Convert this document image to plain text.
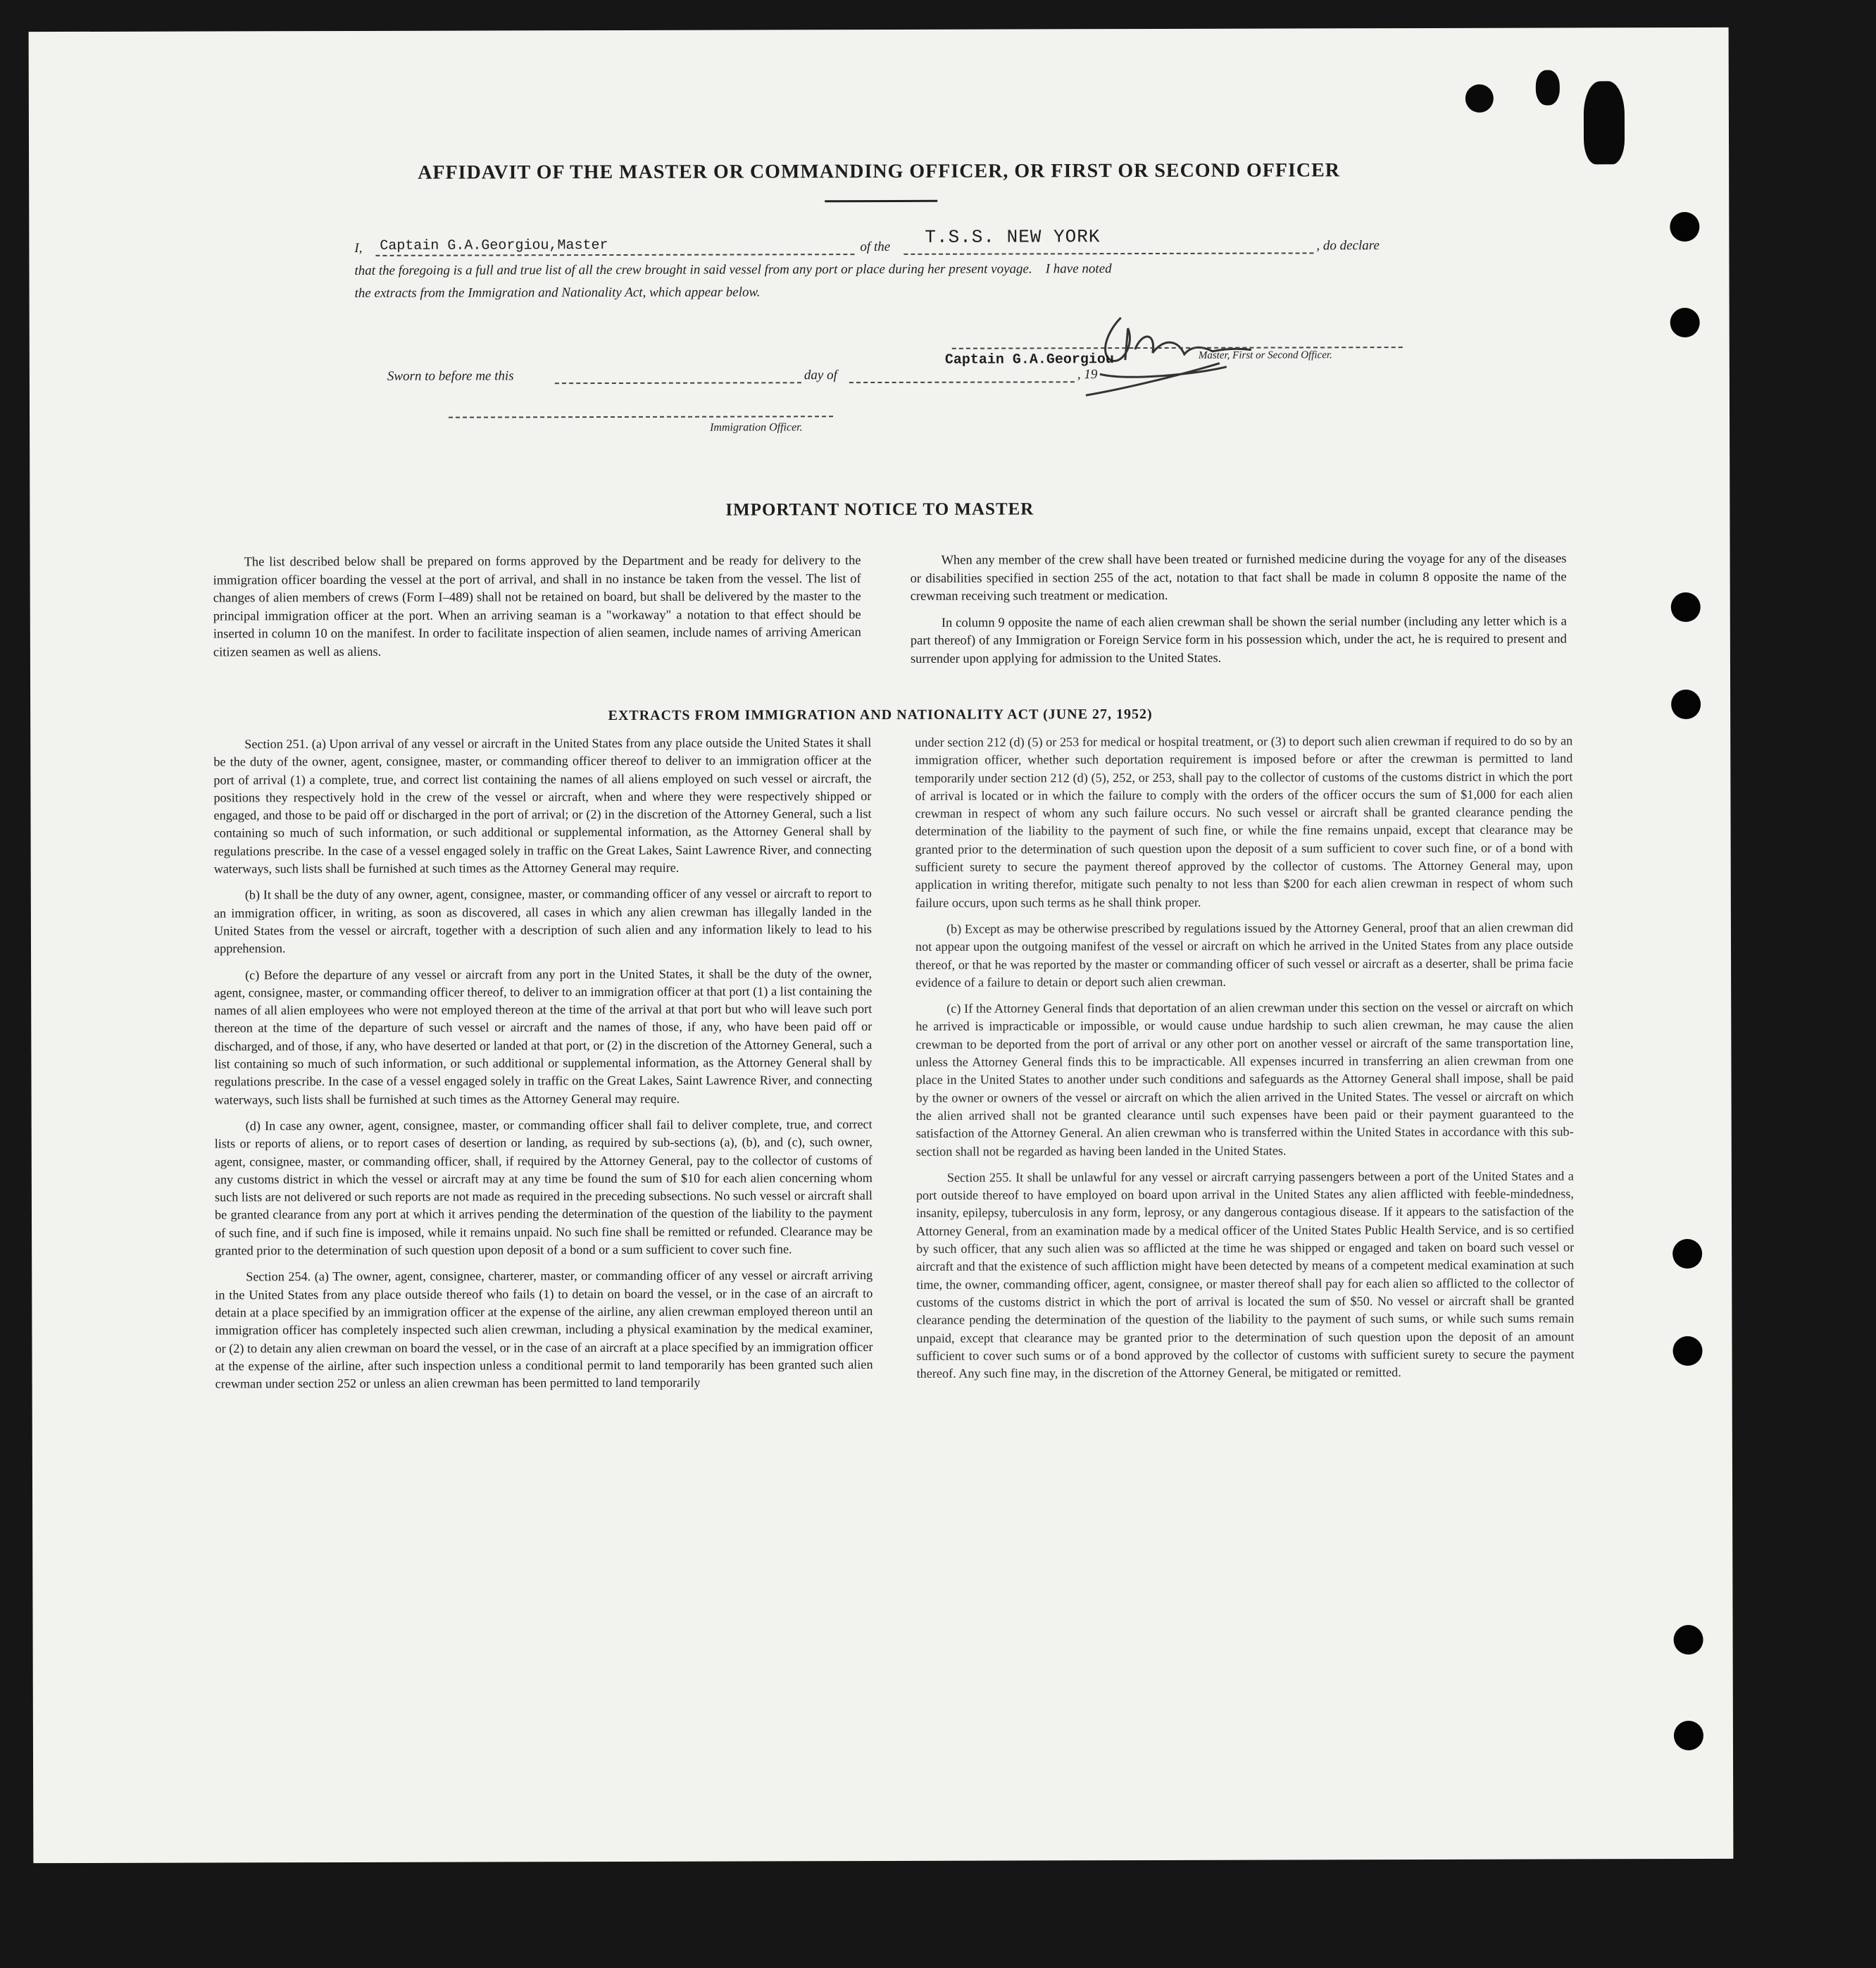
AFFIDAVIT OF THE MASTER OR COMMANDING OFFICER, OR FIRST OR SECOND OFFICER
I, Captain G.A.Georgiou,Master	of the T.S.S. NEW YORK	, do declare
that the foregoing is a full and true list of all the crew brought in said vessel from any port or place during her present voyage.    I have noted
the extracts from the Immigration and Nationality Act, which appear below.
Sworn to before me this	day of	, 19
Captain G.A.Georgiou	Master, First or Second Officer.
Immigration Officer.
IMPORTANT NOTICE TO MASTER

The list described below shall be prepared on forms approved by the Department and be ready for delivery to the immigration officer boarding the vessel at the port of arrival, and shall in no instance be taken from the vessel. The list of changes of alien members of crews (Form I–489) shall not be retained on board, but shall be delivered by the master to the principal immigration officer at the port. When an arriving seaman is a "workaway" a notation to that effect should be inserted in column 10 on the manifest. In order to facilitate inspection of alien seamen, include names of arriving American citizen seamen as well as aliens.

When any member of the crew shall have been treated or furnished medicine during the voyage for any of the diseases or disabilities specified in section 255 of the act, notation to that fact shall be made in column 8 opposite the name of the crewman receiving such treatment or medication.

In column 9 opposite the name of each alien crewman shall be shown the serial number (including any letter which is a part thereof) of any Immigration or Foreign Service form in his possession which, under the act, he is required to present and surrender upon applying for admission to the United States.

EXTRACTS FROM IMMIGRATION AND NATIONALITY ACT (JUNE 27, 1952)

Section 251. (a) Upon arrival of any vessel or aircraft in the United States from any place outside the United States it shall be the duty of the owner, agent, consignee, master, or commanding officer thereof to deliver to an immigration officer at the port of arrival (1) a complete, true, and correct list containing the names of all aliens employed on such vessel or aircraft, the positions they respectively hold in the crew of the vessel or aircraft, when and where they were respectively shipped or engaged, and those to be paid off or discharged in the port of arrival; or (2) in the discretion of the Attorney General, such a list containing so much of such information, or such additional or supplemental information, as the Attorney General shall by regulations prescribe. In the case of a vessel engaged solely in traffic on the Great Lakes, Saint Lawrence River, and connecting waterways, such lists shall be furnished at such times as the Attorney General may require.

(b) It shall be the duty of any owner, agent, consignee, master, or commanding officer of any vessel or aircraft to report to an immigration officer, in writing, as soon as discovered, all cases in which any alien crewman has illegally landed in the United States from the vessel or aircraft, together with a description of such alien and any information likely to lead to his apprehension.

(c) Before the departure of any vessel or aircraft from any port in the United States, it shall be the duty of the owner, agent, consignee, master, or commanding officer thereof, to deliver to an immigration officer at that port (1) a list containing the names of all alien employees who were not employed thereon at the time of the arrival at that port but who will leave such port thereon at the time of the departure of such vessel or aircraft and the names of those, if any, who have been paid off or discharged, and of those, if any, who have deserted or landed at that port, or (2) in the discretion of the Attorney General, such a list containing so much of such information, or such additional or supplemental information, as the Attorney General shall by regulations prescribe. In the case of a vessel engaged solely in traffic on the Great Lakes, Saint Lawrence River, and connecting waterways, such lists shall be furnished at such times as the Attorney General may require.

(d) In case any owner, agent, consignee, master, or commanding officer shall fail to deliver complete, true, and correct lists or reports of aliens, or to report cases of desertion or landing, as required by sub-sections (a), (b), and (c), such owner, agent, consignee, master, or commanding officer, shall, if required by the Attorney General, pay to the collector of customs of any customs district in which the vessel or aircraft may at any time be found the sum of $10 for each alien concerning whom such lists are not delivered or such reports are not made as required in the preceding subsections. No such vessel or aircraft shall be granted clearance from any port at which it arrives pending the determination of the question of the liability to the payment of such fine, and if such fine is imposed, while it remains unpaid. No such fine shall be remitted or refunded. Clearance may be granted prior to the determination of such question upon deposit of a bond or a sum sufficient to cover such fine.

Section 254. (a) The owner, agent, consignee, charterer, master, or commanding officer of any vessel or aircraft arriving in the United States from any place outside thereof who fails (1) to detain on board the vessel, or in the case of an aircraft to detain at a place specified by an immigration officer at the expense of the airline, any alien crewman employed thereon until an immigration officer has completely inspected such alien crewman, including a physical examination by the medical examiner, or (2) to detain any alien crewman on board the vessel, or in the case of an aircraft at a place specified by an immigration officer at the expense of the airline, after such inspection unless a conditional permit to land temporarily has been granted such alien crewman under section 252 or unless an alien crewman has been permitted to land temporarily

under section 212 (d) (5) or 253 for medical or hospital treatment, or (3) to deport such alien crewman if required to do so by an immigration officer, whether such deportation requirement is imposed before or after the crewman is permitted to land temporarily under section 212 (d) (5), 252, or 253, shall pay to the collector of customs of the customs district in which the port of arrival is located or in which the failure to comply with the orders of the officer occurs the sum of $1,000 for each alien crewman in respect of whom any such failure occurs. No such vessel or aircraft shall be granted clearance pending the determination of the liability to the payment of such fine, or while the fine remains unpaid, except that clearance may be granted prior to the determination of such question upon the deposit of a sum sufficient to cover such fine, or of a bond with sufficient surety to secure the payment thereof approved by the collector of customs. The Attorney General may, upon application in writing therefor, mitigate such penalty to not less than $200 for each alien crewman in respect of whom such failure occurs, upon such terms as he shall think proper.

(b) Except as may be otherwise prescribed by regulations issued by the Attorney General, proof that an alien crewman did not appear upon the outgoing manifest of the vessel or aircraft on which he arrived in the United States from any place outside thereof, or that he was reported by the master or commanding officer of such vessel or aircraft as a deserter, shall be prima facie evidence of a failure to detain or deport such alien crewman.

(c) If the Attorney General finds that deportation of an alien crewman under this section on the vessel or aircraft on which he arrived is impracticable or impossible, or would cause undue hardship to such alien crewman, he may cause the alien crewman to be deported from the port of arrival or any other port on another vessel or aircraft of the same transportation line, unless the Attorney General finds this to be impracticable. All expenses incurred in transferring an alien crewman from one place in the United States to another under such conditions and safeguards as the Attorney General shall impose, shall be paid by the owner or owners of the vessel or aircraft on which the alien arrived in the United States. The vessel or aircraft on which the alien arrived shall not be granted clearance until such expenses have been paid or their payment guaranteed to the satisfaction of the Attorney General. An alien crewman who is transferred within the United States in accordance with this sub-section shall not be regarded as having been landed in the United States.

Section 255. It shall be unlawful for any vessel or aircraft carrying passengers between a port of the United States and a port outside thereof to have employed on board upon arrival in the United States any alien afflicted with feeble-mindedness, insanity, epilepsy, tuberculosis in any form, leprosy, or any dangerous contagious disease. If it appears to the satisfaction of the Attorney General, from an examination made by a medical officer of the United States Public Health Service, and is so certified by such officer, that any such alien was so afflicted at the time he was shipped or engaged and taken on board such vessel or aircraft and that the existence of such affliction might have been detected by means of a competent medical examination at such time, the owner, commanding officer, agent, consignee, or master thereof shall pay for each alien so afflicted to the collector of customs of the customs district in which the port of arrival is located the sum of $50. No vessel or aircraft shall be granted clearance pending the determination of the question of the liability to the payment of such sums, or while such sums remain unpaid, except that clearance may be granted prior to the determination of such question upon the deposit of an amount sufficient to cover such sums or of a bond approved by the collector of customs with sufficient surety to secure the payment thereof. Any such fine may, in the discretion of the Attorney General, be mitigated or remitted.
